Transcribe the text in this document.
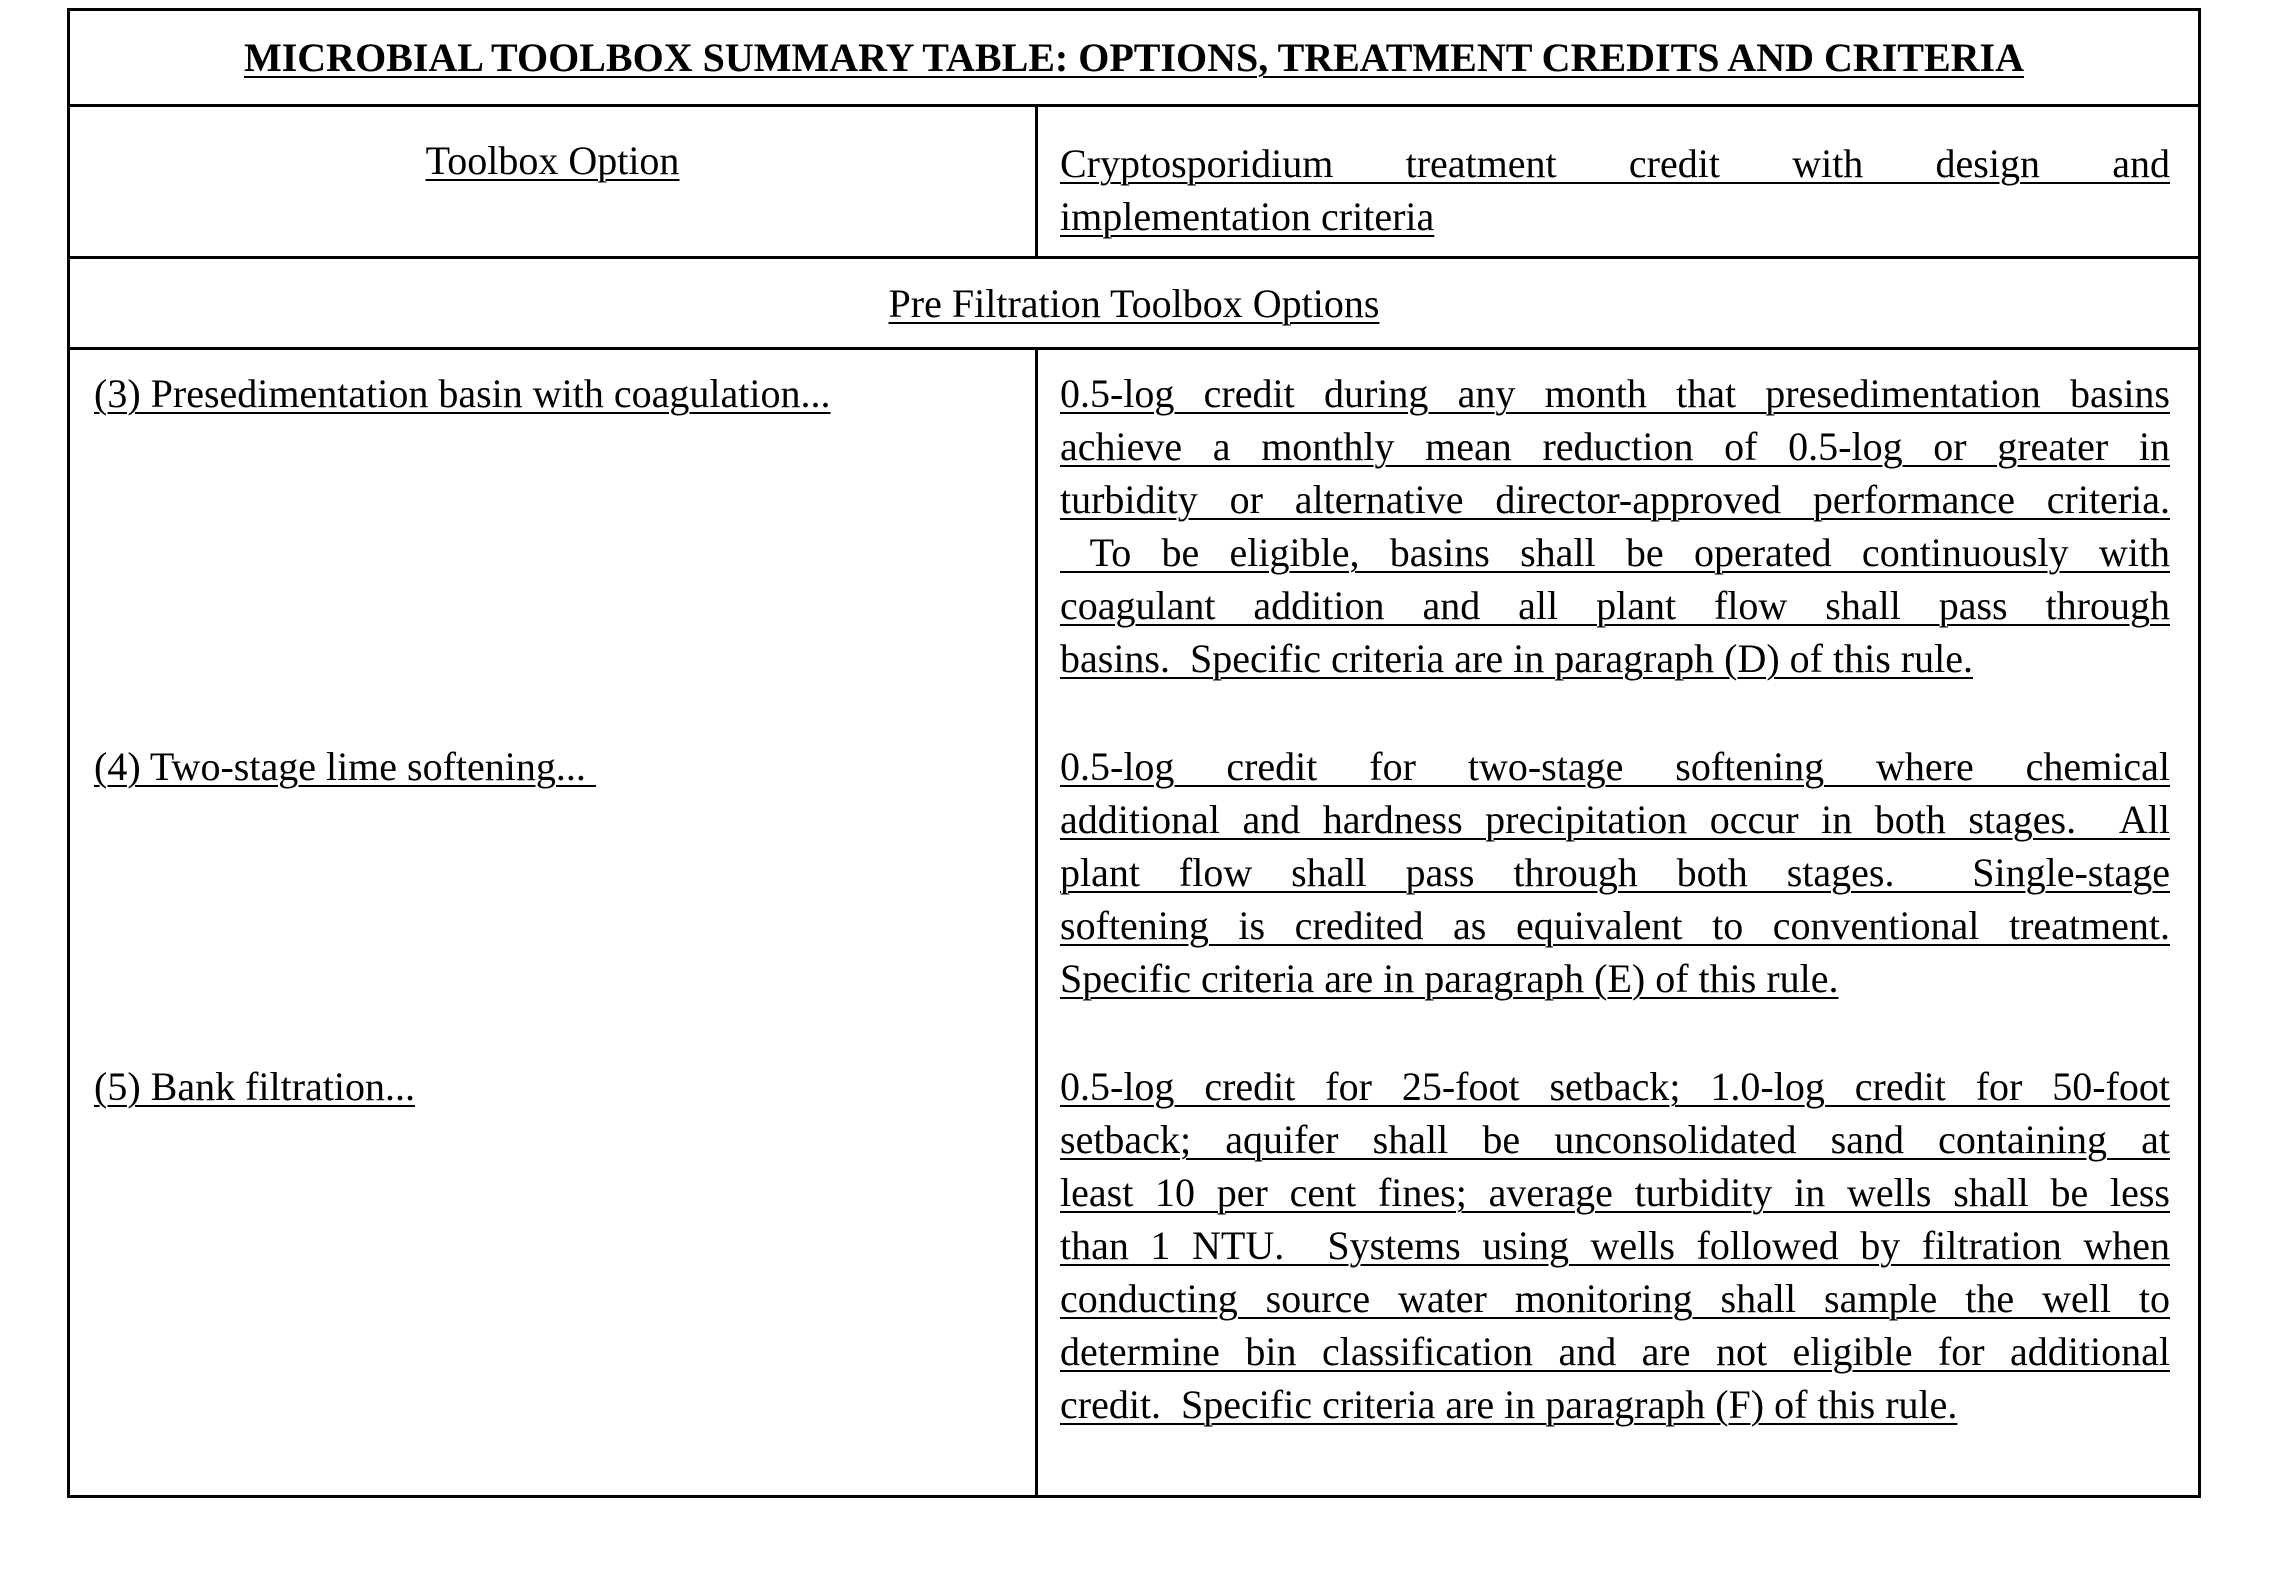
MICROBIAL TOOLBOX SUMMARY TABLE: OPTIONS, TREATMENT CREDITS AND CRITERIA
Toolbox Option	Cryptosporidium treatment credit with design and
implementation criteria
Pre Filtration Toolbox Options
(3) Presedimentation basin with coagulation...	0.5-log credit during any month that presedimentation basins
achieve a monthly mean reduction of 0.5-log or greater in
turbidity or alternative director-approved performance criteria.
To be eligible, basins shall be operated continuously with
coagulant addition and all plant flow shall pass through
basins.  Specific criteria are in paragraph (D) of this rule.
(4) Two-stage lime softening...	0.5-log credit for two-stage softening where chemical
additional and hardness precipitation occur in both stages.  All
plant flow shall pass through both stages.  Single-stage
softening is credited as equivalent to conventional treatment.
Specific criteria are in paragraph (E) of this rule.
(5) Bank filtration...	0.5-log credit for 25-foot setback; 1.0-log credit for 50-foot
setback; aquifer shall be unconsolidated sand containing at
least 10 per cent fines; average turbidity in wells shall be less
than 1 NTU.  Systems using wells followed by filtration when
conducting source water monitoring shall sample the well to
determine bin classification and are not eligible for additional
credit.  Specific criteria are in paragraph (F) of this rule.
